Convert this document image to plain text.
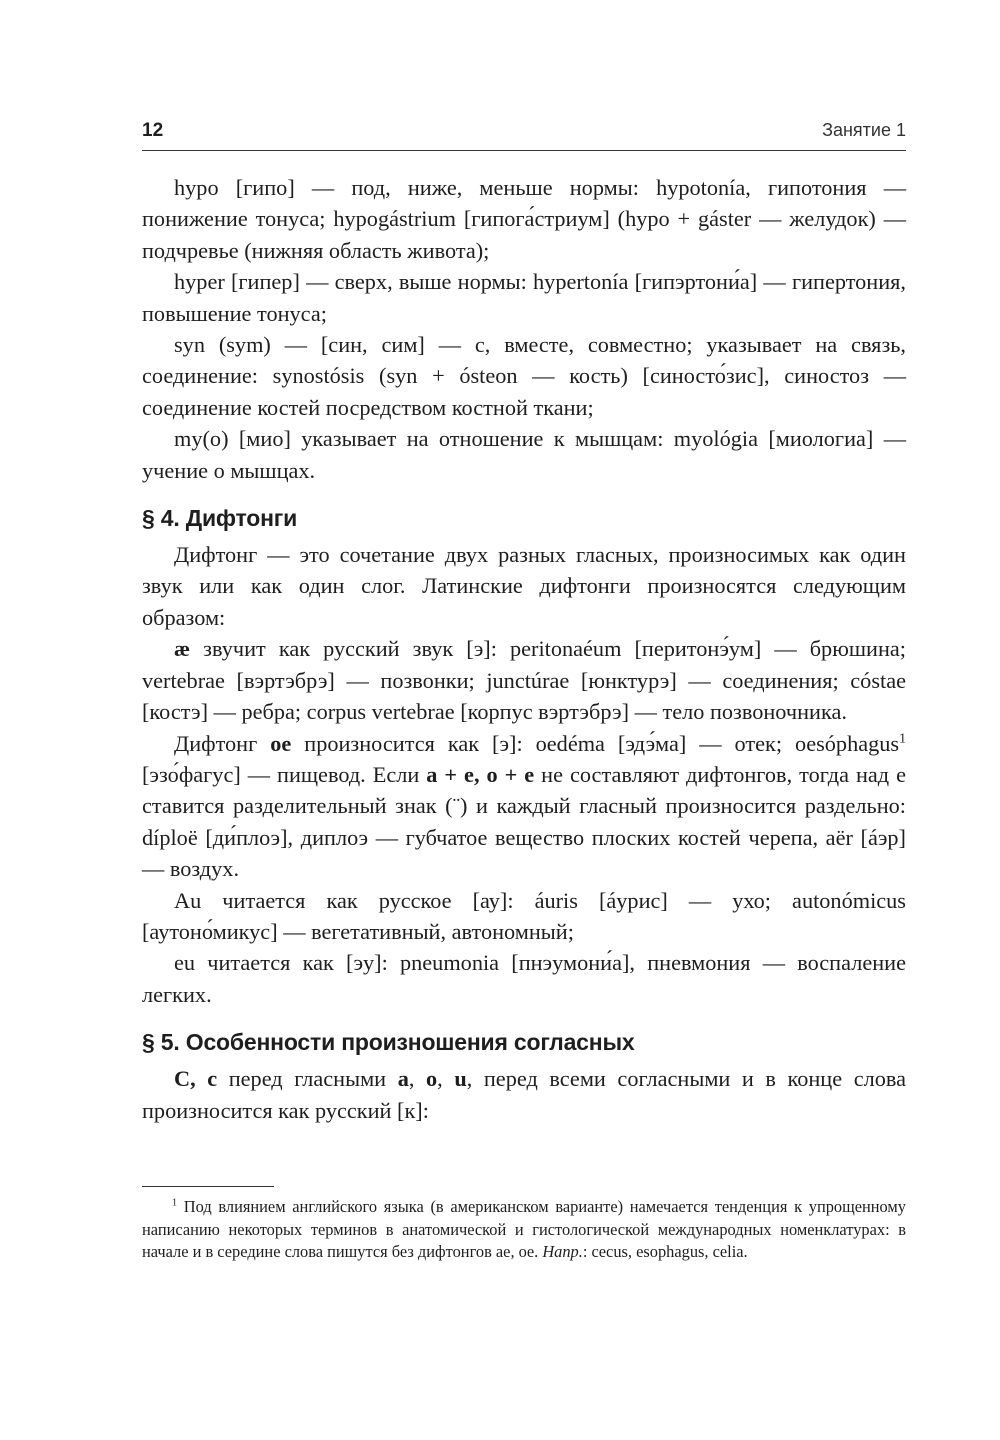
12	Занятие 1

hypo [гипо] — под, ниже, меньше нормы: hypotonía, гипотония — понижение тонуса; hypogástrium [гипога́стриум] (hypo + gáster — желудок) — подчревье (нижняя область живота);

hyper [гипер] — сверх, выше нормы: hypertonía [гипэртони́а] — гипертония, повышение тонуса;

syn (sym) — [син, сим] — с, вместе, совместно; указывает на связь, соединение: synostósis (syn + ósteon — кость) [синосто́зис], синостоз — соединение костей посредством костной ткани;

my(o) [мио] указывает на отношение к мышцам: myológia [миологиа] — учение о мышцах.

§ 4. Дифтонги

Дифтонг — это сочетание двух разных гласных, произносимых как один звук или как один слог. Латинские дифтонги произносятся следующим образом:

æ звучит как русский звук [э]: peritonaéum [перитонэ́ум] — брюшина; vertebrae [вэртэбрэ] — позвонки; junctúrae [юнктурэ] — соединения; cóstae [костэ] — ребра; corpus vertebrae [корпус вэртэбрэ] — тело позвоночника.

Дифтонг oe произносится как [э]: oedéma [эдэ́ма] — отек; oesóphagus$^1$ [эзо́фагус] — пищевод. Если a + e, o + e не составляют дифтонгов, тогда над е ставится разделительный знак (¨) и каждый гласный произносится раздельно: díploë [ди́плоэ], диплоэ — губчатое вещество плоских костей черепа, aër [áэр] — воздух.

Au читается как русское [ау]: áuris [áурис] — ухо; autonómicus [аутоно́микус] — вегетативный, автономный;

eu читается как [эу]: pneumonia [пнэумони́а], пневмония — воспаление легких.

§ 5. Особенности произношения согласных

С, с перед гласными a, o, u, перед всеми согласными и в конце слова произносится как русский [к]:

$^1$ Под влиянием английского языка (в американском варианте) намечается тенденция к упрощенному написанию некоторых терминов в анатомической и гистологической международных номенклатурах: в начале и в середине слова пишутся без дифтонгов ae, oe. Напр.: cecus, esophagus, celia.
